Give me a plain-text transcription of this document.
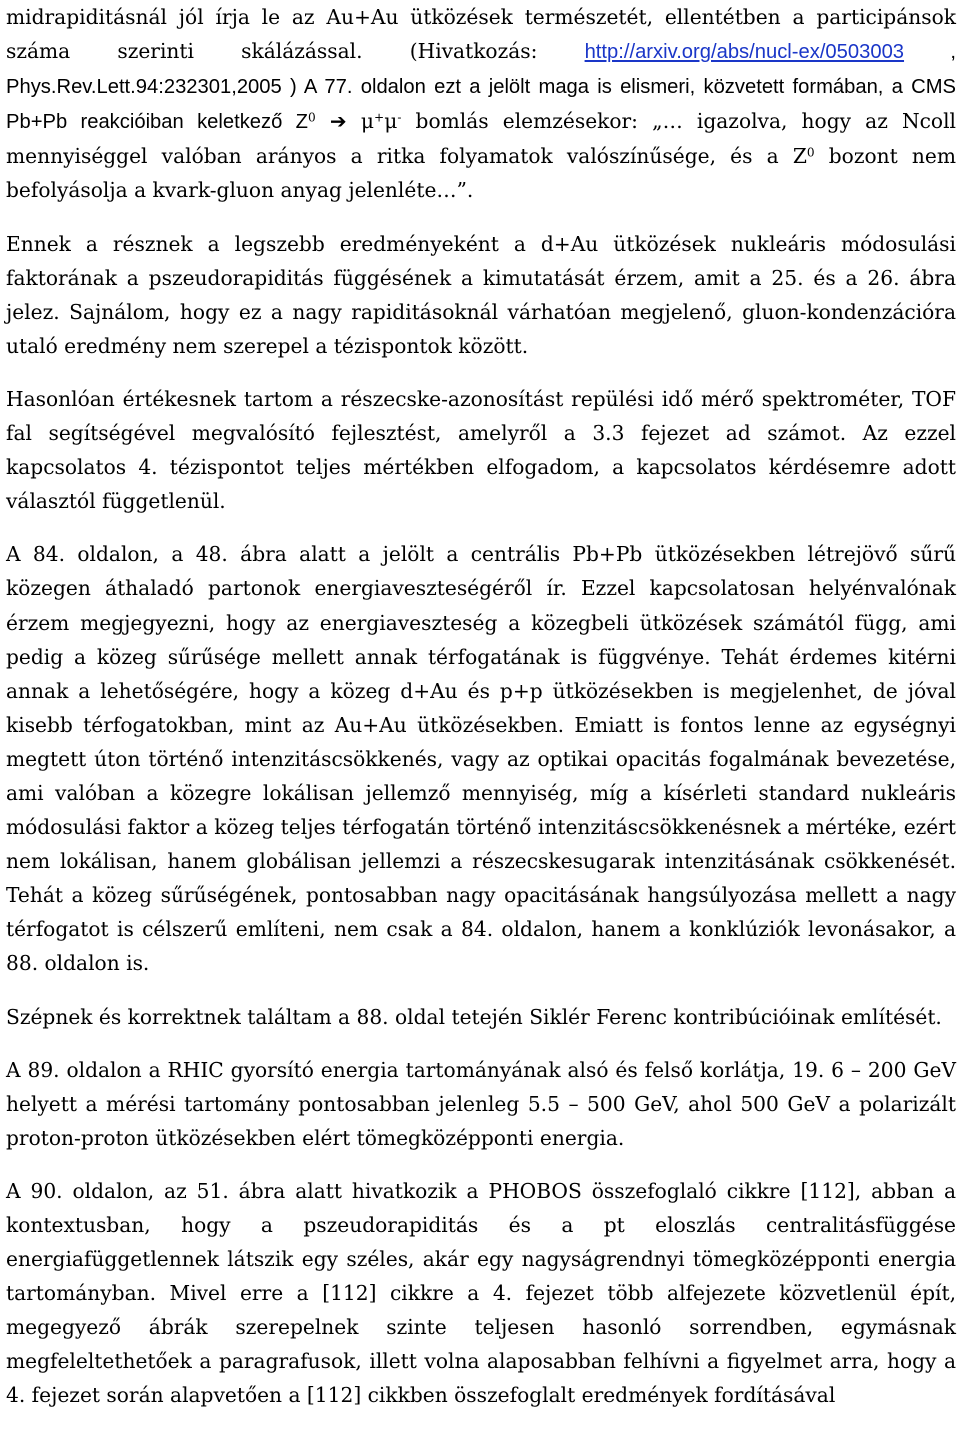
midrapiditásnál jól írja le az Au+Au ütközések természetét, ellentétben a participánsok száma szerinti skálázással. (Hivatkozás: http://arxiv.org/abs/nucl-ex/0503003 , Phys.Rev.Lett.94:232301,2005 ) A 77. oldalon ezt a jelölt maga is elismeri, közvetett formában, a CMS Pb+Pb reakcióiban keletkező $Z^0$ ➔ μ+μ- bomlás elemzésekor: „… igazolva, hogy az Ncoll mennyiséggel valóban arányos a ritka folyamatok valószínűsége, és a $Z^0$ bozont nem befolyásolja a kvark-gluon anyag jelenléte…”.

Ennek a résznek a legszebb eredményeként a d+Au ütközések nukleáris módosulási faktorának a pszeudorapiditás függésének a kimutatását érzem, amit a 25. és a 26. ábra jelez. Sajnálom, hogy ez a nagy rapiditásoknál várhatóan megjelenő, gluon-kondenzációra utaló eredmény nem szerepel a tézispontok között.

Hasonlóan értékesnek tartom a részecske-azonosítást repülési idő mérő spektrométer, TOF fal segítségével megvalósító fejlesztést, amelyről a 3.3 fejezet ad számot. Az ezzel kapcsolatos 4. tézispontot teljes mértékben elfogadom, a kapcsolatos kérdésemre adott választól függetlenül.

A 84. oldalon, a 48. ábra alatt a jelölt a centrális Pb+Pb ütközésekben létrejövő sűrű közegen áthaladó partonok energiaveszteségéről ír. Ezzel kapcsolatosan helyénvalónak érzem megjegyezni, hogy az energiaveszteség a közegbeli ütközések számától függ, ami pedig a közeg sűrűsége mellett annak térfogatának is függvénye. Tehát érdemes kitérni annak a lehetőségére, hogy a közeg d+Au és p+p ütközésekben is megjelenhet, de jóval kisebb térfogatokban, mint az Au+Au ütközésekben. Emiatt is fontos lenne az egységnyi megtett úton történő intenzitáscsökkenés, vagy az optikai opacitás fogalmának bevezetése, ami valóban a közegre lokálisan jellemző mennyiség, míg a kísérleti standard nukleáris módosulási faktor a közeg teljes térfogatán történő intenzitáscsökkenésnek a mértéke, ezért nem lokálisan, hanem globálisan jellemzi a részecskesugarak intenzitásának csökkenését. Tehát a közeg sűrűségének, pontosabban nagy opacitásának hangsúlyozása mellett a nagy térfogatot is célszerű említeni, nem csak a 84. oldalon, hanem a konklúziók levonásakor, a 88. oldalon is.

Szépnek és korrektnek találtam a 88. oldal tetején Siklér Ferenc kontribúcióinak említését.

A 89. oldalon a RHIC gyorsító energia tartományának alsó és felső korlátja, 19. 6 – 200 GeV helyett a mérési tartomány pontosabban jelenleg 5.5 – 500 GeV, ahol 500 GeV a polarizált proton-proton ütközésekben elért tömegközépponti energia.

A 90. oldalon, az 51. ábra alatt hivatkozik a PHOBOS összefoglaló cikkre [112], abban a kontextusban, hogy a pszeudorapiditás és a pt eloszlás centralitásfüggése energiafüggetlennek látszik egy széles, akár egy nagyságrendnyi tömegközépponti energia tartományban. Mivel erre a [112] cikkre a 4. fejezet több alfejezete közvetlenül épít, megegyező ábrák szerepelnek szinte teljesen hasonló sorrendben, egymásnak megfeleltethetőek a paragrafusok, illett volna alaposabban felhívni a figyelmet arra, hogy a 4. fejezet során alapvetően a [112] cikkben összefoglalt eredmények fordításával
